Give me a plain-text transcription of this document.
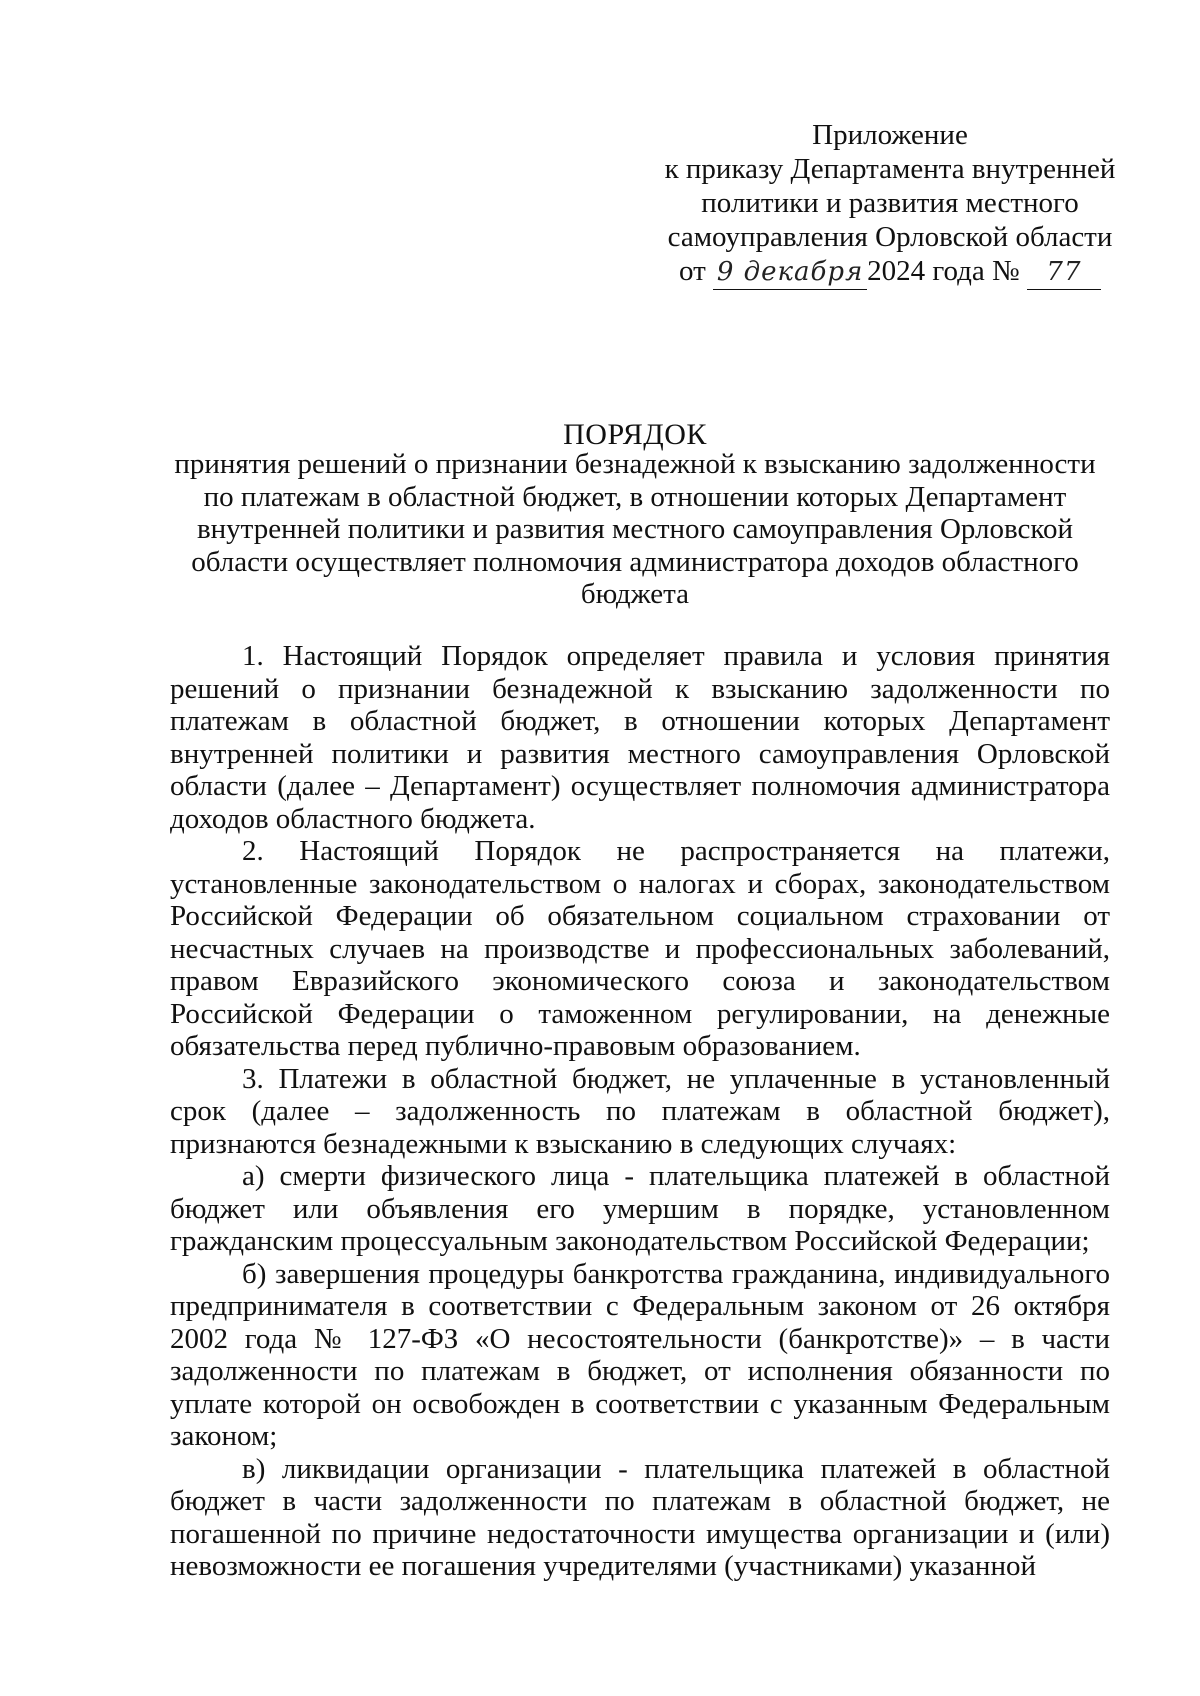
Приложение
к приказу Департамента внутренней
политики и развития местного
самоуправления Орловской области
от 9 декабря 2024 года № 77
ПОРЯДОК
принятия решений о признании безнадежной к взысканию задолженности по платежам в областной бюджет, в отношении которых Департамент внутренней политики и развития местного самоуправления Орловской области осуществляет полномочия администратора доходов областного бюджета

1. Настоящий Порядок определяет правила и условия принятия решений о признании безнадежной к взысканию задолженности по платежам в областной бюджет, в отношении которых Департамент внутренней политики и развития местного самоуправления Орловской области (далее – Департамент) осуществляет полномочия администратора доходов областного бюджета.

2. Настоящий Порядок не распространяется на платежи, установленные законодательством о налогах и сборах, законодательством Российской Федерации об обязательном социальном страховании от несчастных случаев на производстве и профессиональных заболеваний, правом Евразийского экономического союза и законодательством Российской Федерации о таможенном регулировании, на денежные обязательства перед публично-правовым образованием.

3. Платежи в областной бюджет, не уплаченные в установленный срок (далее – задолженность по платежам в областной бюджет), признаются безнадежными к взысканию в следующих случаях:

а) смерти физического лица - плательщика платежей в областной бюджет или объявления его умершим в порядке, установленном гражданским процессуальным законодательством Российской Федерации;

б) завершения процедуры банкротства гражданина, индивидуального предпринимателя в соответствии с Федеральным законом от 26 октября 2002 года № 127-ФЗ «О несостоятельности (банкротстве)» – в части задолженности по платежам в бюджет, от исполнения обязанности по уплате которой он освобожден в соответствии с указанным Федеральным законом;

в) ликвидации организации - плательщика платежей в областной бюджет в части задолженности по платежам в областной бюджет, не погашенной по причине недостаточности имущества организации и (или) невозможности ее погашения учредителями (участниками) указанной
